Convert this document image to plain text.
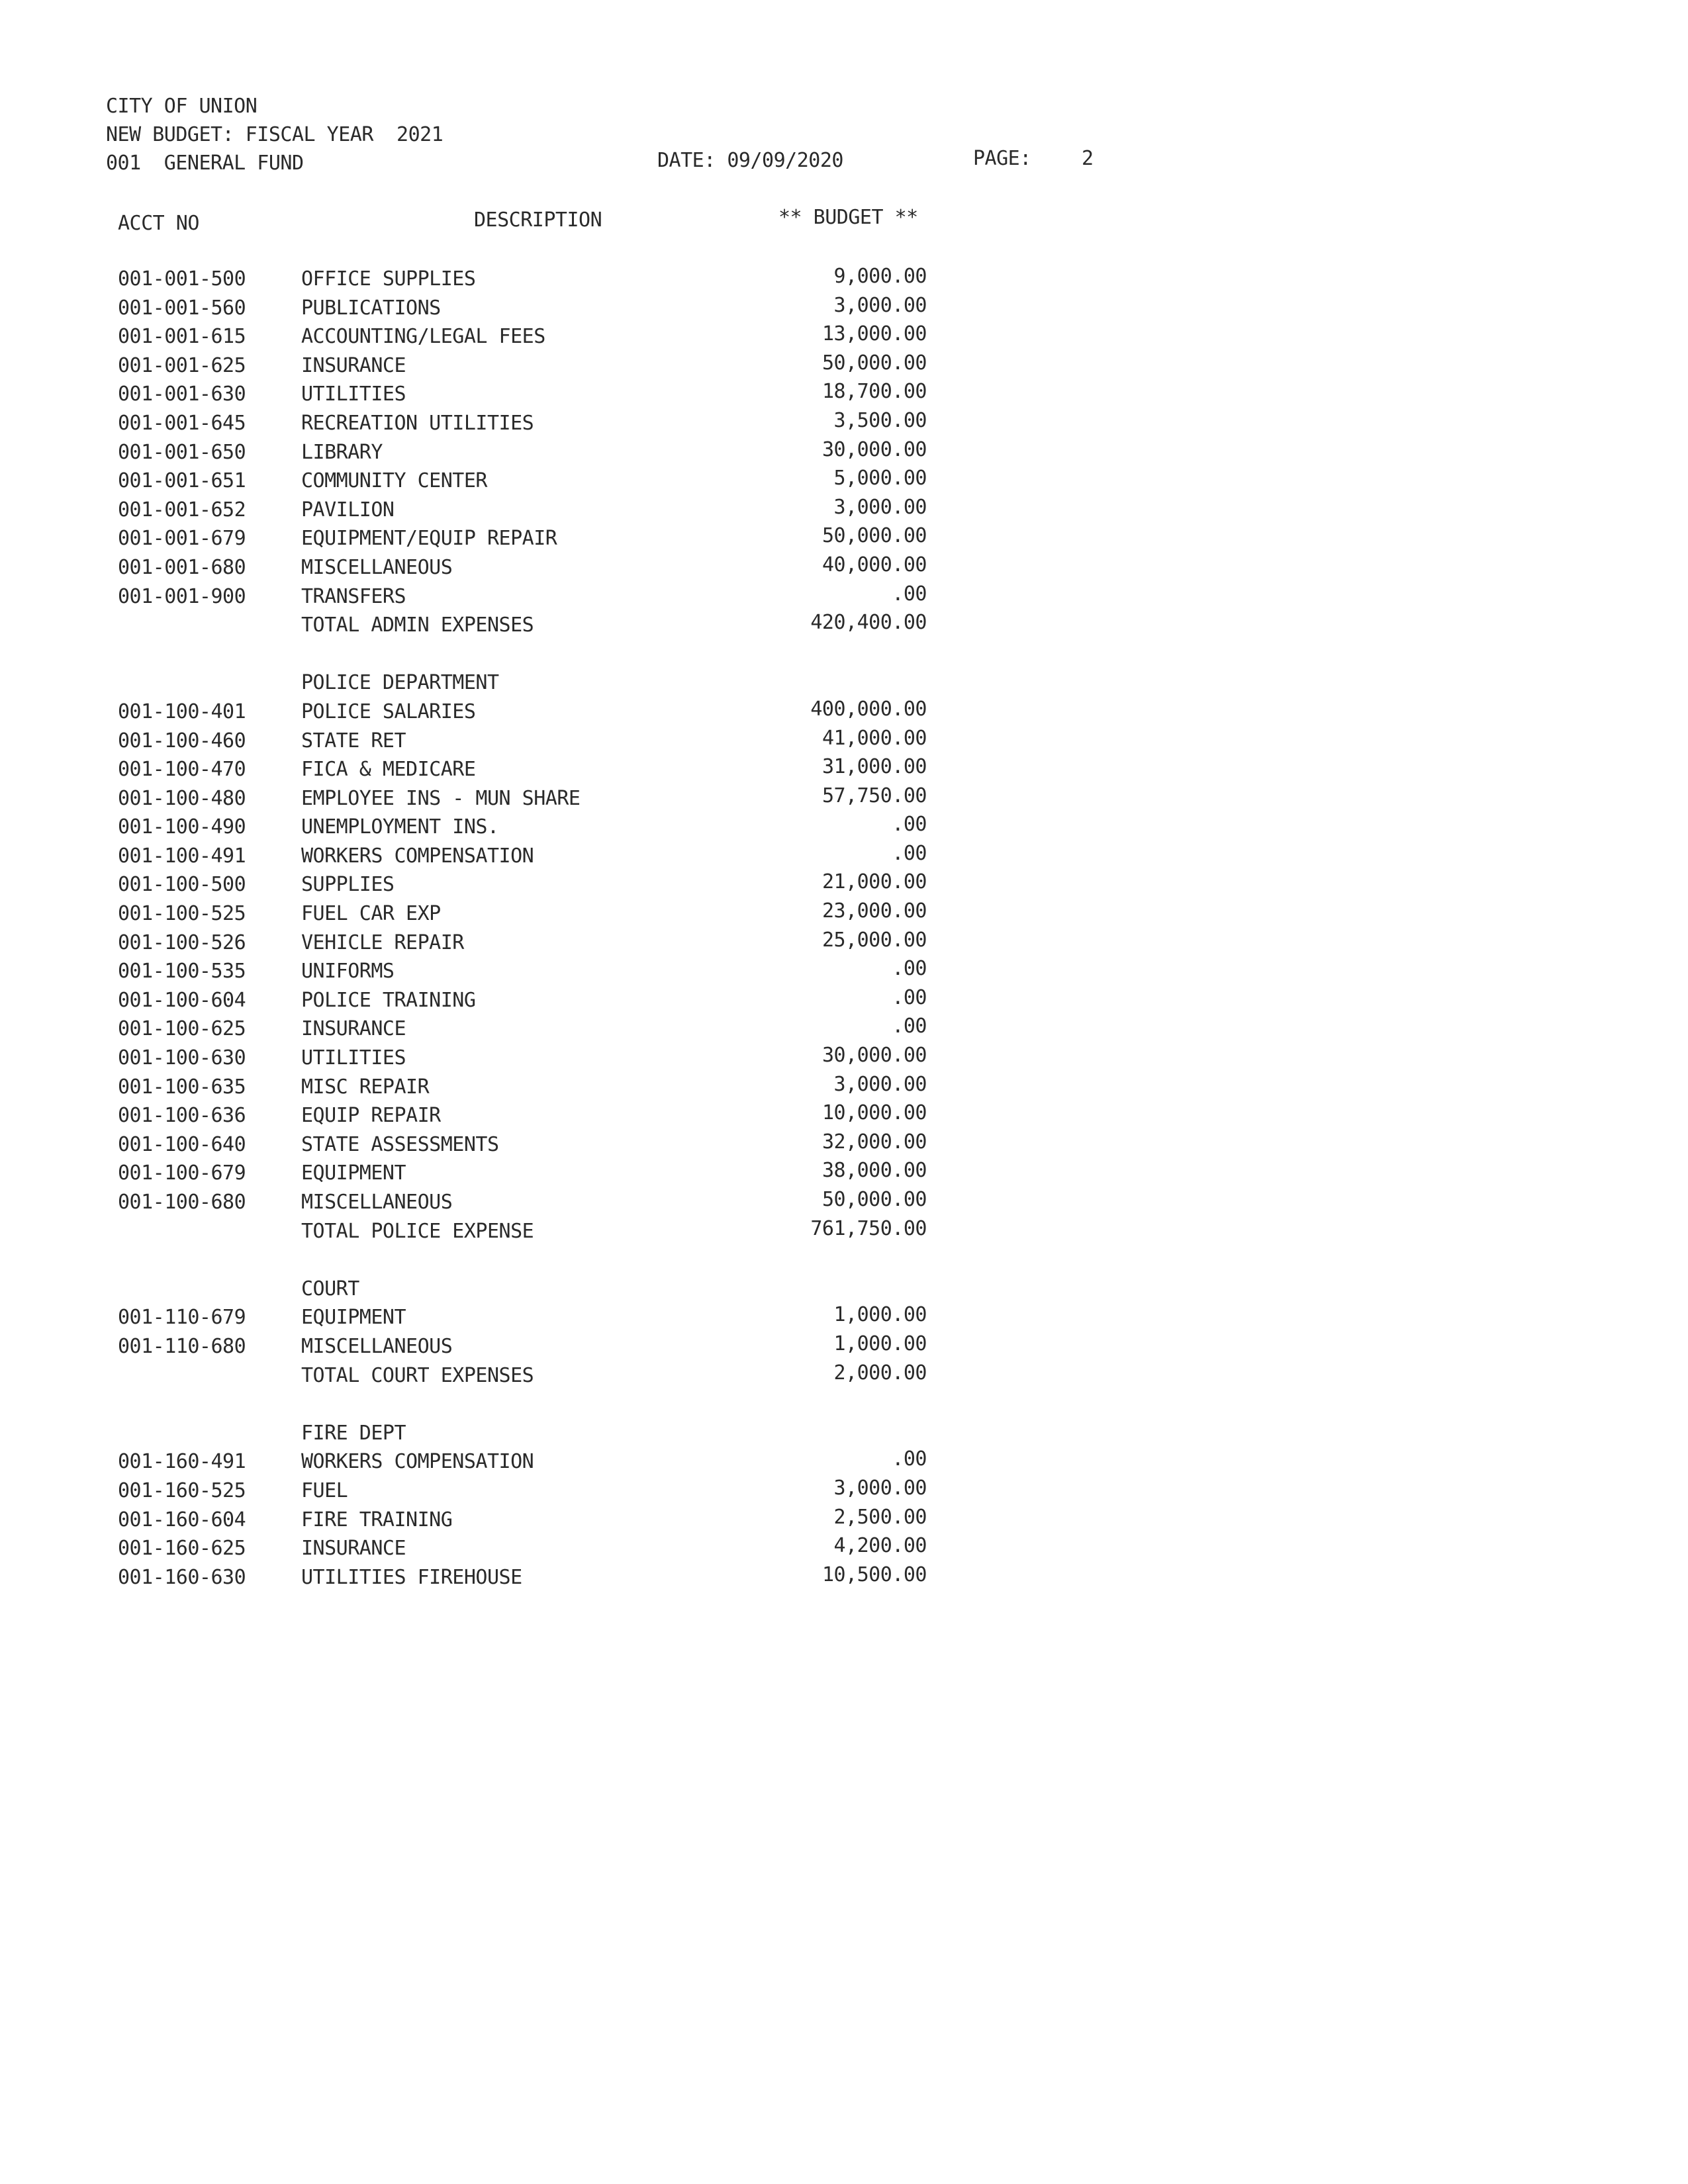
CITY OF UNION
NEW BUDGET: FISCAL YEAR  2021
001  GENERAL FUND	DATE: 09/09/2020	PAGE:	2
ACCT NO	DESCRIPTION	** BUDGET **
001-001-500	OFFICE SUPPLIES	9,000.00
001-001-560	PUBLICATIONS	3,000.00
001-001-615	ACCOUNTING/LEGAL FEES	13,000.00
001-001-625	INSURANCE	50,000.00
001-001-630	UTILITIES	18,700.00
001-001-645	RECREATION UTILITIES	3,500.00
001-001-650	LIBRARY	30,000.00
001-001-651	COMMUNITY CENTER	5,000.00
001-001-652	PAVILION	3,000.00
001-001-679	EQUIPMENT/EQUIP REPAIR	50,000.00
001-001-680	MISCELLANEOUS	40,000.00
001-001-900	TRANSFERS	.00
TOTAL ADMIN EXPENSES	420,400.00
POLICE DEPARTMENT
001-100-401	POLICE SALARIES	400,000.00
001-100-460	STATE RET	41,000.00
001-100-470	FICA & MEDICARE	31,000.00
001-100-480	EMPLOYEE INS - MUN SHARE	57,750.00
001-100-490	UNEMPLOYMENT INS.	.00
001-100-491	WORKERS COMPENSATION	.00
001-100-500	SUPPLIES	21,000.00
001-100-525	FUEL CAR EXP	23,000.00
001-100-526	VEHICLE REPAIR	25,000.00
001-100-535	UNIFORMS	.00
001-100-604	POLICE TRAINING	.00
001-100-625	INSURANCE	.00
001-100-630	UTILITIES	30,000.00
001-100-635	MISC REPAIR	3,000.00
001-100-636	EQUIP REPAIR	10,000.00
001-100-640	STATE ASSESSMENTS	32,000.00
001-100-679	EQUIPMENT	38,000.00
001-100-680	MISCELLANEOUS	50,000.00
TOTAL POLICE EXPENSE	761,750.00
COURT
001-110-679	EQUIPMENT	1,000.00
001-110-680	MISCELLANEOUS	1,000.00
TOTAL COURT EXPENSES	2,000.00
FIRE DEPT
001-160-491	WORKERS COMPENSATION	.00
001-160-525	FUEL	3,000.00
001-160-604	FIRE TRAINING	2,500.00
001-160-625	INSURANCE	4,200.00
001-160-630	UTILITIES FIREHOUSE	10,500.00
